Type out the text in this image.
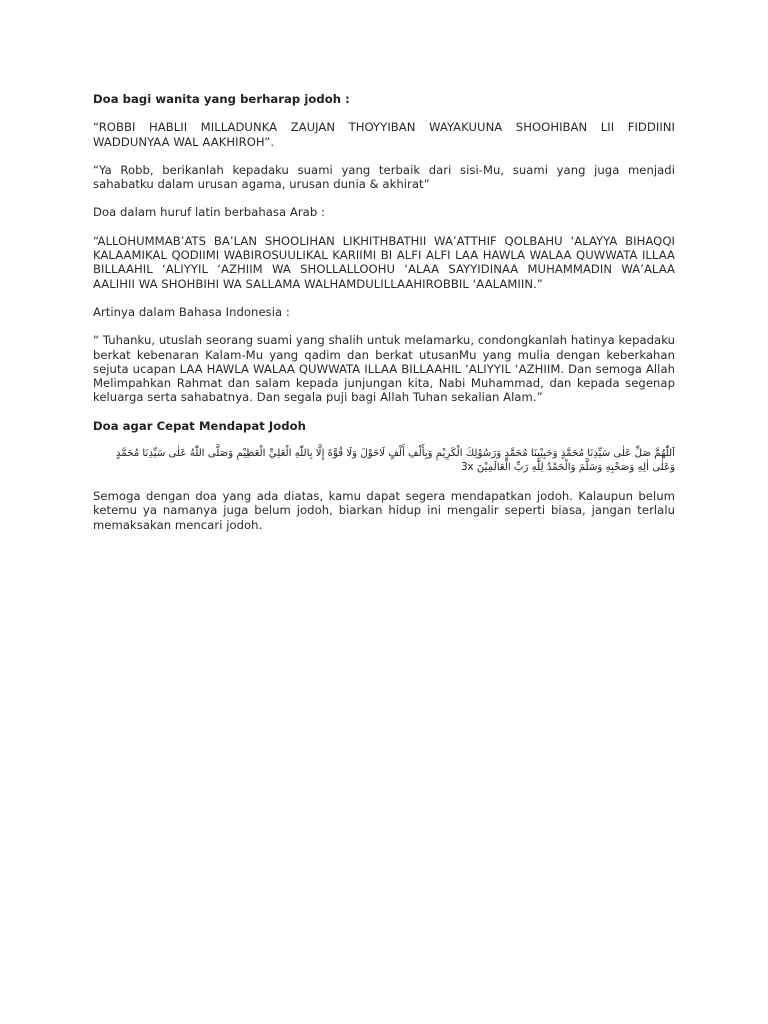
Doa bagi wanita yang berharap jodoh :

“ROBBI HABLII MILLADUNKA ZAUJAN THOYYIBAN WAYAKUUNA SHOOHIBAN LII FIDDIINI WADDUNYAA WAL AAKHIROH”.

“Ya Robb, berikanlah kepadaku suami yang terbaik dari sisi-Mu, suami yang juga menjadi sahabatku dalam urusan agama, urusan dunia & akhirat”

Doa dalam huruf latin berbahasa Arab :

“ALLOHUMMAB’ATS BA’LAN SHOOLIHAN LIKHITHBATHII WA’ATTHIF QOLBAHU ‘ALAYYA BIHAQQI KALAAMIKAL QODIIMI WABIROSUULIKAL KARIIMI BI ALFI ALFI LAA HAWLA WALAA QUWWATA ILLAA BILLAAHIL ‘ALIYYIL ‘AZHIIM WA SHOLLALLOOHU ‘ALAA SAYYIDINAA MUHAMMADIN WA’ALAA AALIHII WA SHOHBIHI WA SALLAMA WALHAMDULILLAAHIROBBIL ‘AALAMIIN.”

Artinya dalam Bahasa Indonesia :

“ Tuhanku, utuslah seorang suami yang shalih untuk melamarku, condongkanlah hatinya kepadaku berkat kebenaran Kalam-Mu yang qadim dan berkat utusanMu yang mulia dengan keberkahan sejuta ucapan LAA HAWLA WALAA QUWWATA ILLAA BILLAAHIL ‘ALIYYIL ‘AZHIIM. Dan semoga Allah Melimpahkan Rahmat dan salam kepada junjungan kita, Nabi Muhammad, dan kepada segenap keluarga serta sahabatnya. Dan segala puji bagi Allah Tuhan sekalian Alam.”

Doa agar Cepat Mendapat Jodoh

اَللّٰهُمَّ صَلِّ عَلٰى سَيِّدِنَا مُحَمَّدٍ وَحَبِيْبِنَا مُحَمَّدٍ وَرَسُوْلِكَ الْكَرِيْمِ وَبِأَلْفِ أَلْفٍ لَاحَوْلَ وَلَا قُوَّةَ إِلَّا بِاللّٰهِ الْعَلِيِّ الْعَظِيْمِ وَصَلَّى اللّٰهُ عَلٰى سَيِّدِنَا مُحَمَّدٍ وَعَلٰى اٰلِهِ وَصَحْبِهِ وَسَلَّمَ وَالْحَمْدُ لِلّٰهِ رَبِّ الْعَالَمِيْنَ 3x

Semoga dengan doa yang ada diatas, kamu dapat segera mendapatkan jodoh. Kalaupun belum ketemu ya namanya juga belum jodoh, biarkan hidup ini mengalir seperti biasa, jangan terlalu memaksakan mencari jodoh.
